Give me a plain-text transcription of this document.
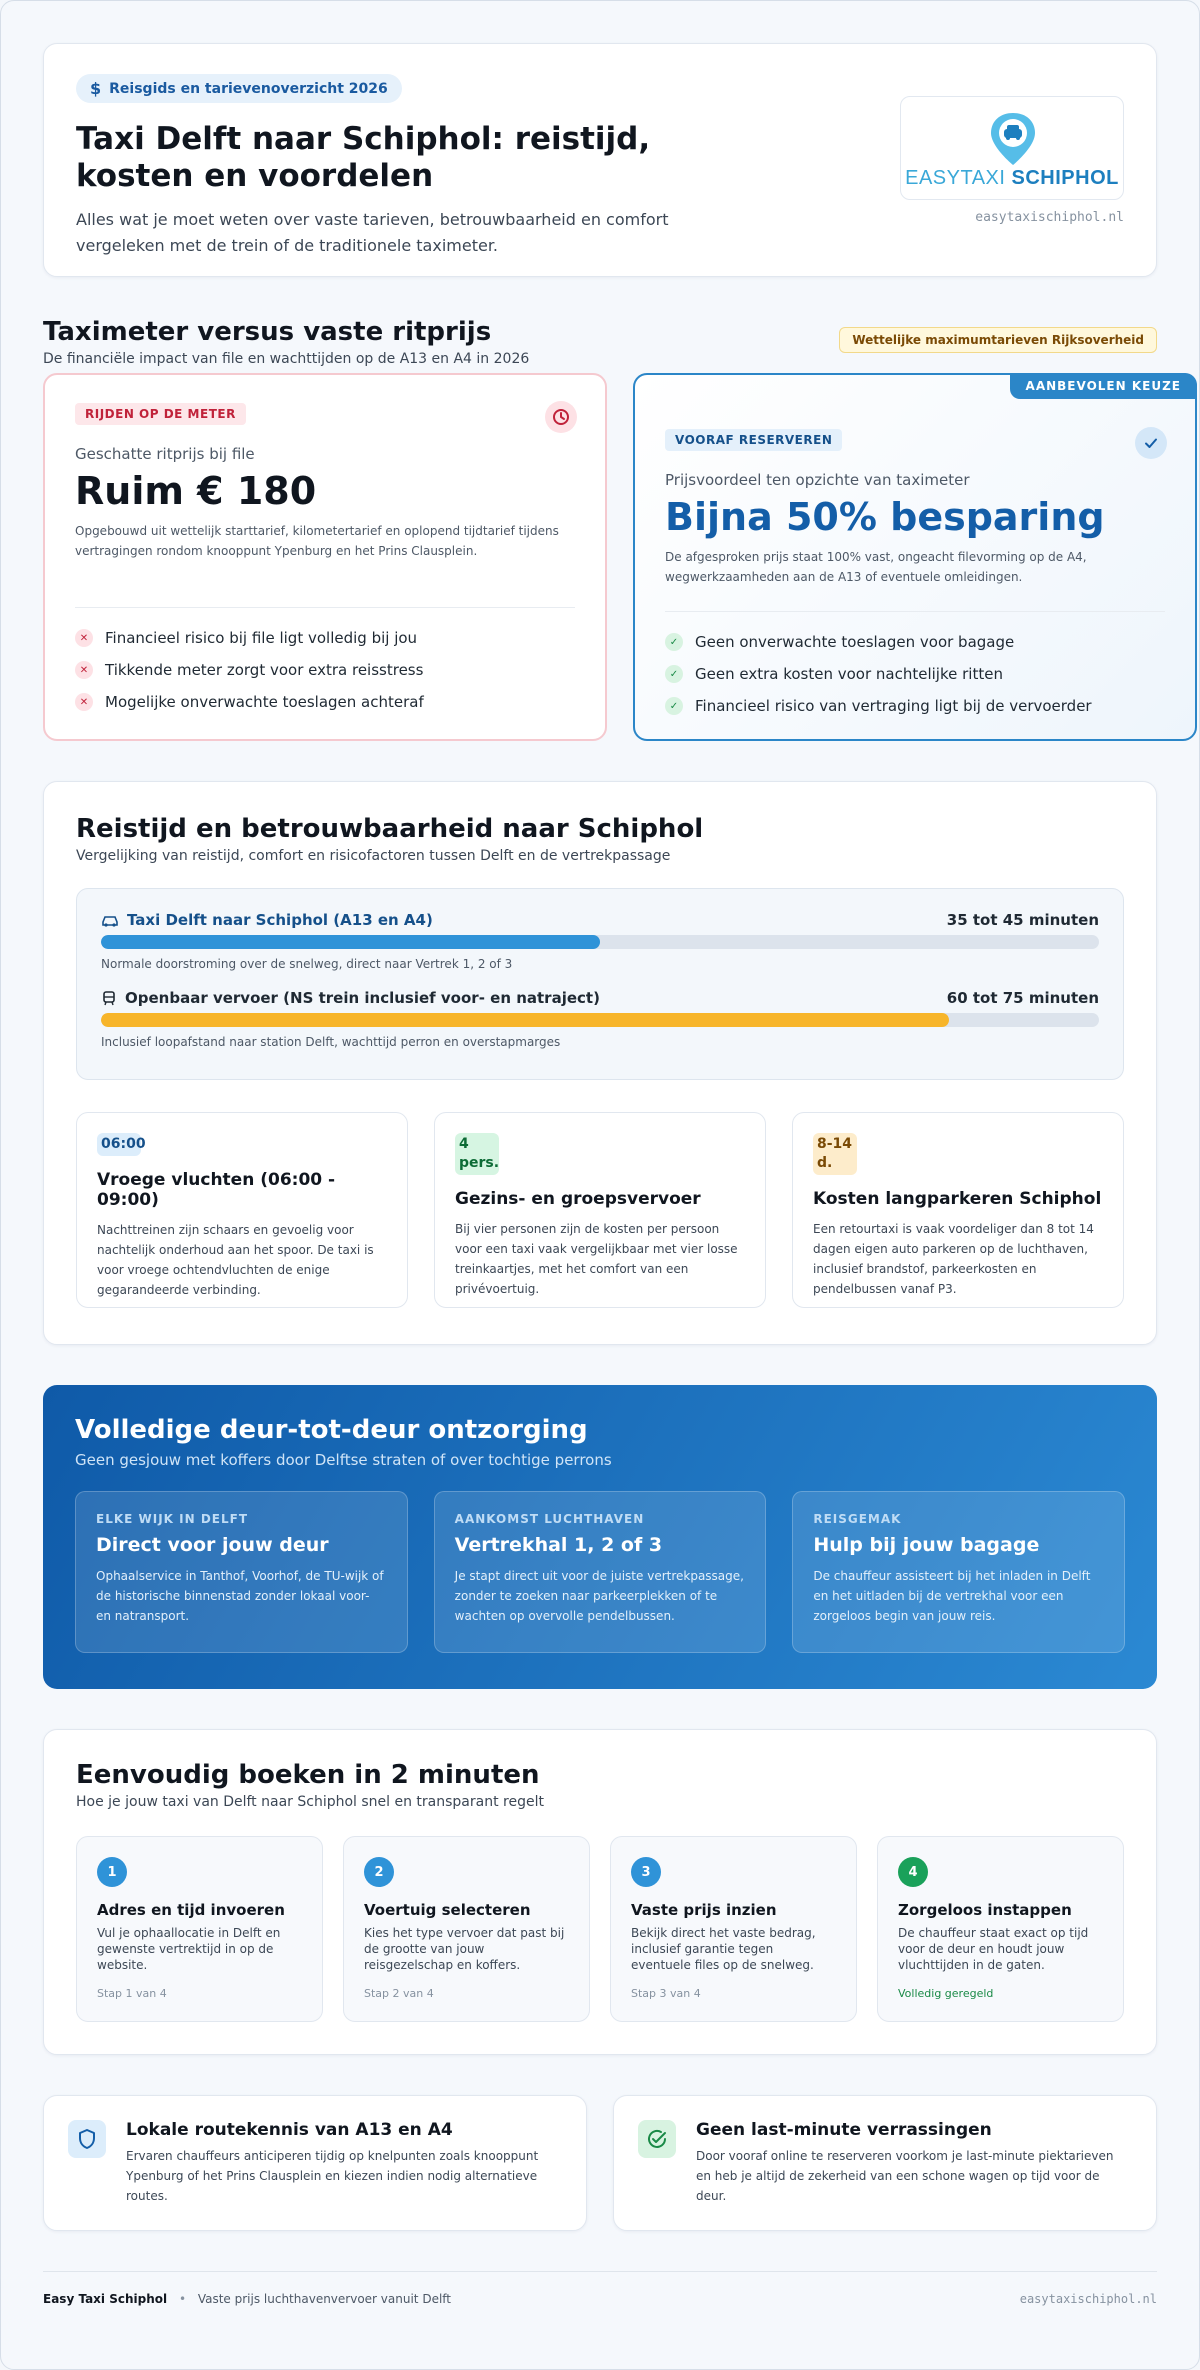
$ Reisgids en tarievenoverzicht 2026
Taxi Delft naar Schiphol: reistijd, kosten en voordelen

Alles wat je moet weten over vaste tarieven, betrouwbaarheid en comfort vergeleken met de trein of de traditionele taximeter.

EASYTAXI SCHIPHOL
easytaxischiphol.nl
Taximeter versus vaste ritprijs
De financiële impact van file en wachttijden op de A13 en A4 in 2026
Wettelijke maximumtarieven Rijksoverheid
RIJDEN OP DE METER
Geschatte ritprijs bij file
Ruim € 180
Opgebouwd uit wettelijk starttarief, kilometertarief en oplopend tijdtarief tijdens vertragingen rondom knooppunt Ypenburg en het Prins Clausplein.
✕	Financieel risico bij file ligt volledig bij jou
✕	Tikkende meter zorgt voor extra reisstress
✕	Mogelijke onverwachte toeslagen achteraf
AANBEVOLEN KEUZE
VOORAF RESERVEREN
Prijsvoordeel ten opzichte van taximeter
Bijna 50% besparing
De afgesproken prijs staat 100% vast, ongeacht filevorming op de A4, wegwerkzaamheden aan de A13 of eventuele omleidingen.
✓	Geen onverwachte toeslagen voor bagage
✓	Geen extra kosten voor nachtelijke ritten
✓	Financieel risico van vertraging ligt bij de vervoerder
Reistijd en betrouwbaarheid naar Schiphol
Vergelijking van reistijd, comfort en risicofactoren tussen Delft en de vertrekpassage
Taxi Delft naar Schiphol (A13 en A4)	35 tot 45 minuten
Normale doorstroming over de snelweg, direct naar Vertrek 1, 2 of 3
Openbaar vervoer (NS trein inclusief voor- en natraject)	60 tot 75 minuten
Inclusief loopafstand naar station Delft, wachttijd perron en overstapmarges
06:00
Vroege vluchten (06:00 - 09:00)

Nachttreinen zijn schaars en gevoelig voor nachtelijk onderhoud aan het spoor. De taxi is voor vroege ochtendvluchten de enige gegarandeerde verbinding.

4 pers.
Gezins- en groepsvervoer

Bij vier personen zijn de kosten per persoon voor een taxi vaak vergelijkbaar met vier losse treinkaartjes, met het comfort van een privévoertuig.

8-14 d.
Kosten langparkeren Schiphol

Een retourtaxi is vaak voordeliger dan 8 tot 14 dagen eigen auto parkeren op de luchthaven, inclusief brandstof, parkeerkosten en pendelbussen vanaf P3.

Volledige deur-tot-deur ontzorging
Geen gesjouw met koffers door Delftse straten of over tochtige perrons
ELKE WIJK IN DELFT
Direct voor jouw deur
Ophaalservice in Tanthof, Voorhof, de TU-wijk of de historische binnenstad zonder lokaal voor- en natransport.
AANKOMST LUCHTHAVEN
Vertrekhal 1, 2 of 3
Je stapt direct uit voor de juiste vertrekpassage, zonder te zoeken naar parkeerplekken of te wachten op overvolle pendelbussen.
REISGEMAK
Hulp bij jouw bagage
De chauffeur assisteert bij het inladen in Delft en het uitladen bij de vertrekhal voor een zorgeloos begin van jouw reis.
Eenvoudig boeken in 2 minuten
Hoe je jouw taxi van Delft naar Schiphol snel en transparant regelt
1
Adres en tijd invoeren

Vul je ophaallocatie in Delft en gewenste vertrektijd in op de website.

Stap 1 van 4
2
Voertuig selecteren

Kies het type vervoer dat past bij de grootte van jouw reisgezelschap en koffers.

Stap 2 van 4
3
Vaste prijs inzien

Bekijk direct het vaste bedrag, inclusief garantie tegen eventuele files op de snelweg.

Stap 3 van 4
4
Zorgeloos instappen

De chauffeur staat exact op tijd voor de deur en houdt jouw vluchttijden in de gaten.

Volledig geregeld
Lokale routekennis van A13 en A4

Ervaren chauffeurs anticiperen tijdig op knelpunten zoals knooppunt Ypenburg of het Prins Clausplein en kiezen indien nodig alternatieve routes.

Geen last-minute verrassingen

Door vooraf online te reserveren voorkom je last-minute piektarieven en heb je altijd de zekerheid van een schone wagen op tijd voor de deur.

Easy Taxi Schiphol • Vaste prijs luchthavenvervoer vanuit Delft	easytaxischiphol.nl
